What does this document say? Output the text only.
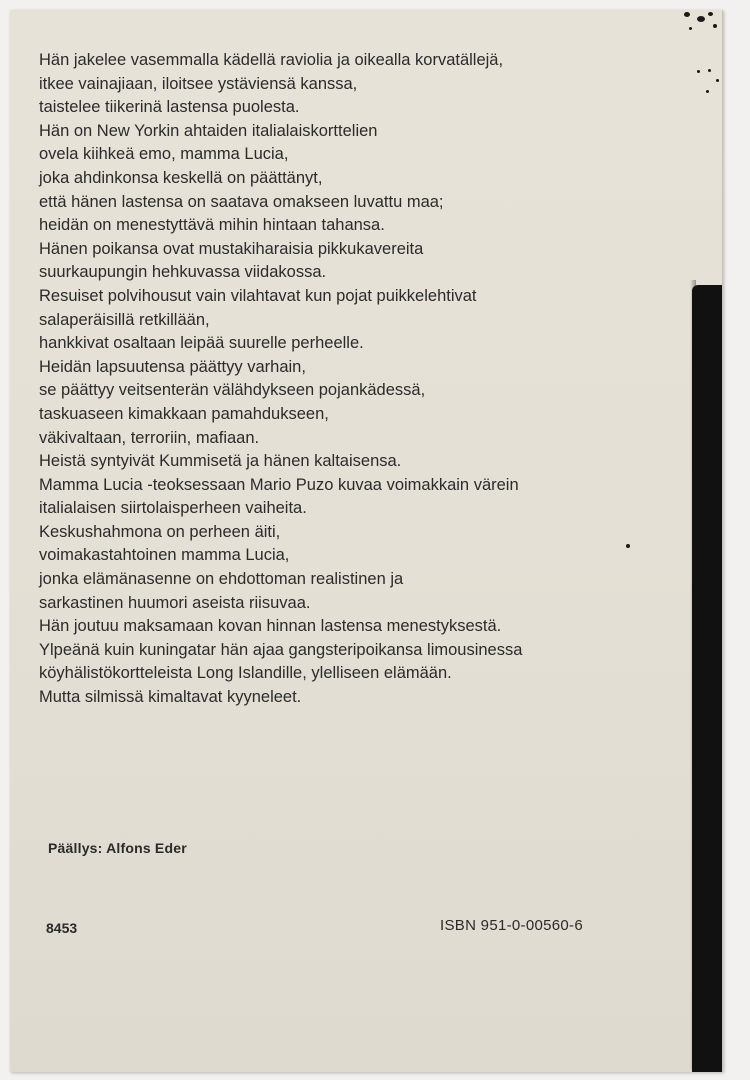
Hän jakelee vasemmalla kädellä raviolia ja oikealla korvatällejä,
itkee vainajiaan, iloitsee ystäviensä kanssa,
taistelee tiikerinä lastensa puolesta.
Hän on New Yorkin ahtaiden italialaiskorttelien
ovela kiihkeä emo, mamma Lucia,
joka ahdinkonsa keskellä on päättänyt,
että hänen lastensa on saatava omakseen luvattu maa;
heidän on menestyttävä mihin hintaan tahansa.
Hänen poikansa ovat mustakiharaisia pikkukavereita
suurkaupungin hehkuvassa viidakossa.
Resuiset polvihousut vain vilahtavat kun pojat puikkelehtivat
salaperäisillä retkillään,
hankkivat osaltaan leipää suurelle perheelle.
Heidän lapsuutensa päättyy varhain,
se päättyy veitsenterän välähdykseen pojankädessä,
taskuaseen kimakkaan pamahdukseen,
väkivaltaan, terroriin, mafiaan.
Heistä syntyivät Kummisetä ja hänen kaltaisensa.
Mamma Lucia -teoksessaan Mario Puzo kuvaa voimakkain värein
italialaisen siirtolaisperheen vaiheita.
Keskushahmona on perheen äiti,
voimakastahtoinen mamma Lucia,
jonka elämänasenne on ehdottoman realistinen ja
sarkastinen huumori aseista riisuvaa.
Hän joutuu maksamaan kovan hinnan lastensa menestyksestä.
Ylpeänä kuin kuningatar hän ajaa gangsteripoikansa limousinessa
köyhälistökortteleista Long Islandille, ylelliseen elämään.
Mutta silmissä kimaltavat kyyneleet.
Päällys: Alfons Eder
8453	ISBN 951-0-00560-6
